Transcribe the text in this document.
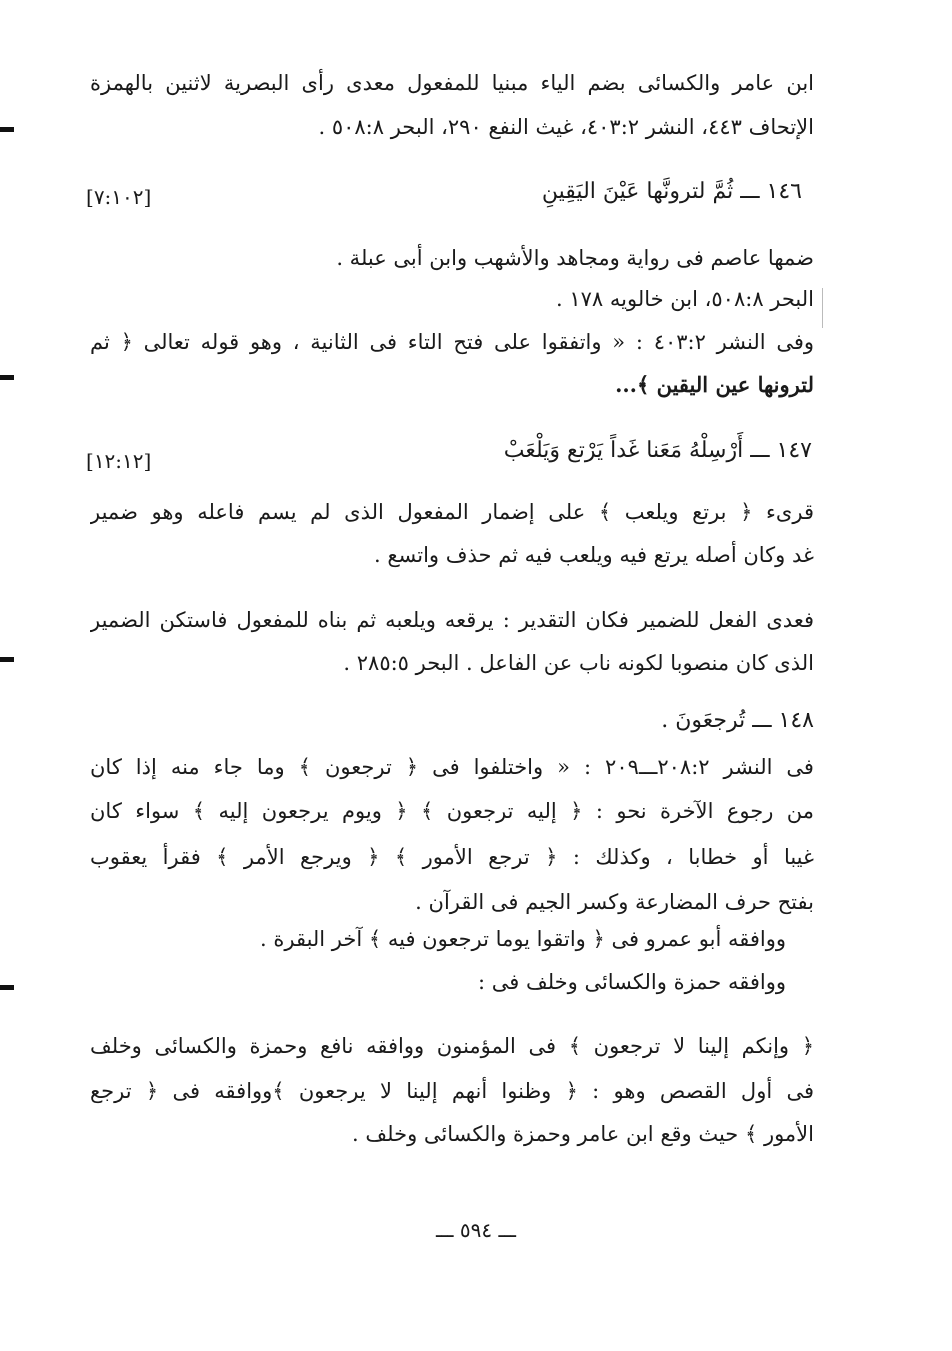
ابن عامر والكسائى بضم الياء مبنيا للمفعول معدى رأى البصرية لاثنين بالهمزة
الإتحاف ٤٤٣، النشر ٤٠٣:٢، غيث النفع ٢٩٠، البحر ٥٠٨:٨ .
١٤٦ ـــ ثُمَّ لترونَّها عَيْنَ اليَقِينِ
[٧:١٠٢]
ضمها عاصم فى رواية ومجاهد والأشهب وابن أبى عبلة .
البحر ٥٠٨:٨، ابن خالويه ١٧٨ .
وفى النشر ٤٠٣:٢ : « واتفقوا على فتح التاء فى الثانية ، وهو قوله تعالى ﴿ ثم
لترونها عين اليقين ﴾...
١٤٧ ـــ أَرْسِلْهُ مَعَنا غَداً يَرْتع وَيَلْعَبْ
[١٢:١٢]
قرىء ﴿ برتع ويلعب ﴾ على إضمار المفعول الذى لم يسم فاعله وهو ضمير
غد وكان أصله يرتع فيه ويلعب فيه ثم حذف واتسع .
فعدى الفعل للضمير فكان التقدير : يرقعه ويلعبه ثم بناه للمفعول فاستكن الضمير
الذى كان منصوبا لكونه ناب عن الفاعل . البحر ٢٨٥:٥ .
١٤٨ ـــ تُرجعَونَ .
فى النشر ٢٠٨:٢ـــ٢٠٩ : « واختلفوا فى ﴿ ترجعون ﴾ وما جاء منه إذا كان
من رجوع الآخرة نحو : ﴿ إليه ترجعون ﴾ ﴿ ويوم يرجعون إليه ﴾ سواء كان
غيبا أو خطابا ، وكذلك : ﴿ ترجع الأمور ﴾ ﴿ ويرجع الأمر ﴾ فقرأ يعقوب
بفتح حرف المضارعة وكسر الجيم فى القرآن .
ووافقه أبو عمرو فى ﴿ واتقوا يوما ترجعون فيه ﴾ آخر البقرة .
ووافقه حمزة والكسائى وخلف فى :
﴿ وإنكم إلينا لا ترجعون ﴾ فى المؤمنون ووافقه نافع وحمزة والكسائى وخلف
فى أول القصص وهو : ﴿ وظنوا أنهم إلينا لا يرجعون ﴾ووافقه فى ﴿ ترجع
الأمور ﴾ حيث وقع ابن عامر وحمزة والكسائى وخلف .
ـــ ٥٩٤ ـــ
